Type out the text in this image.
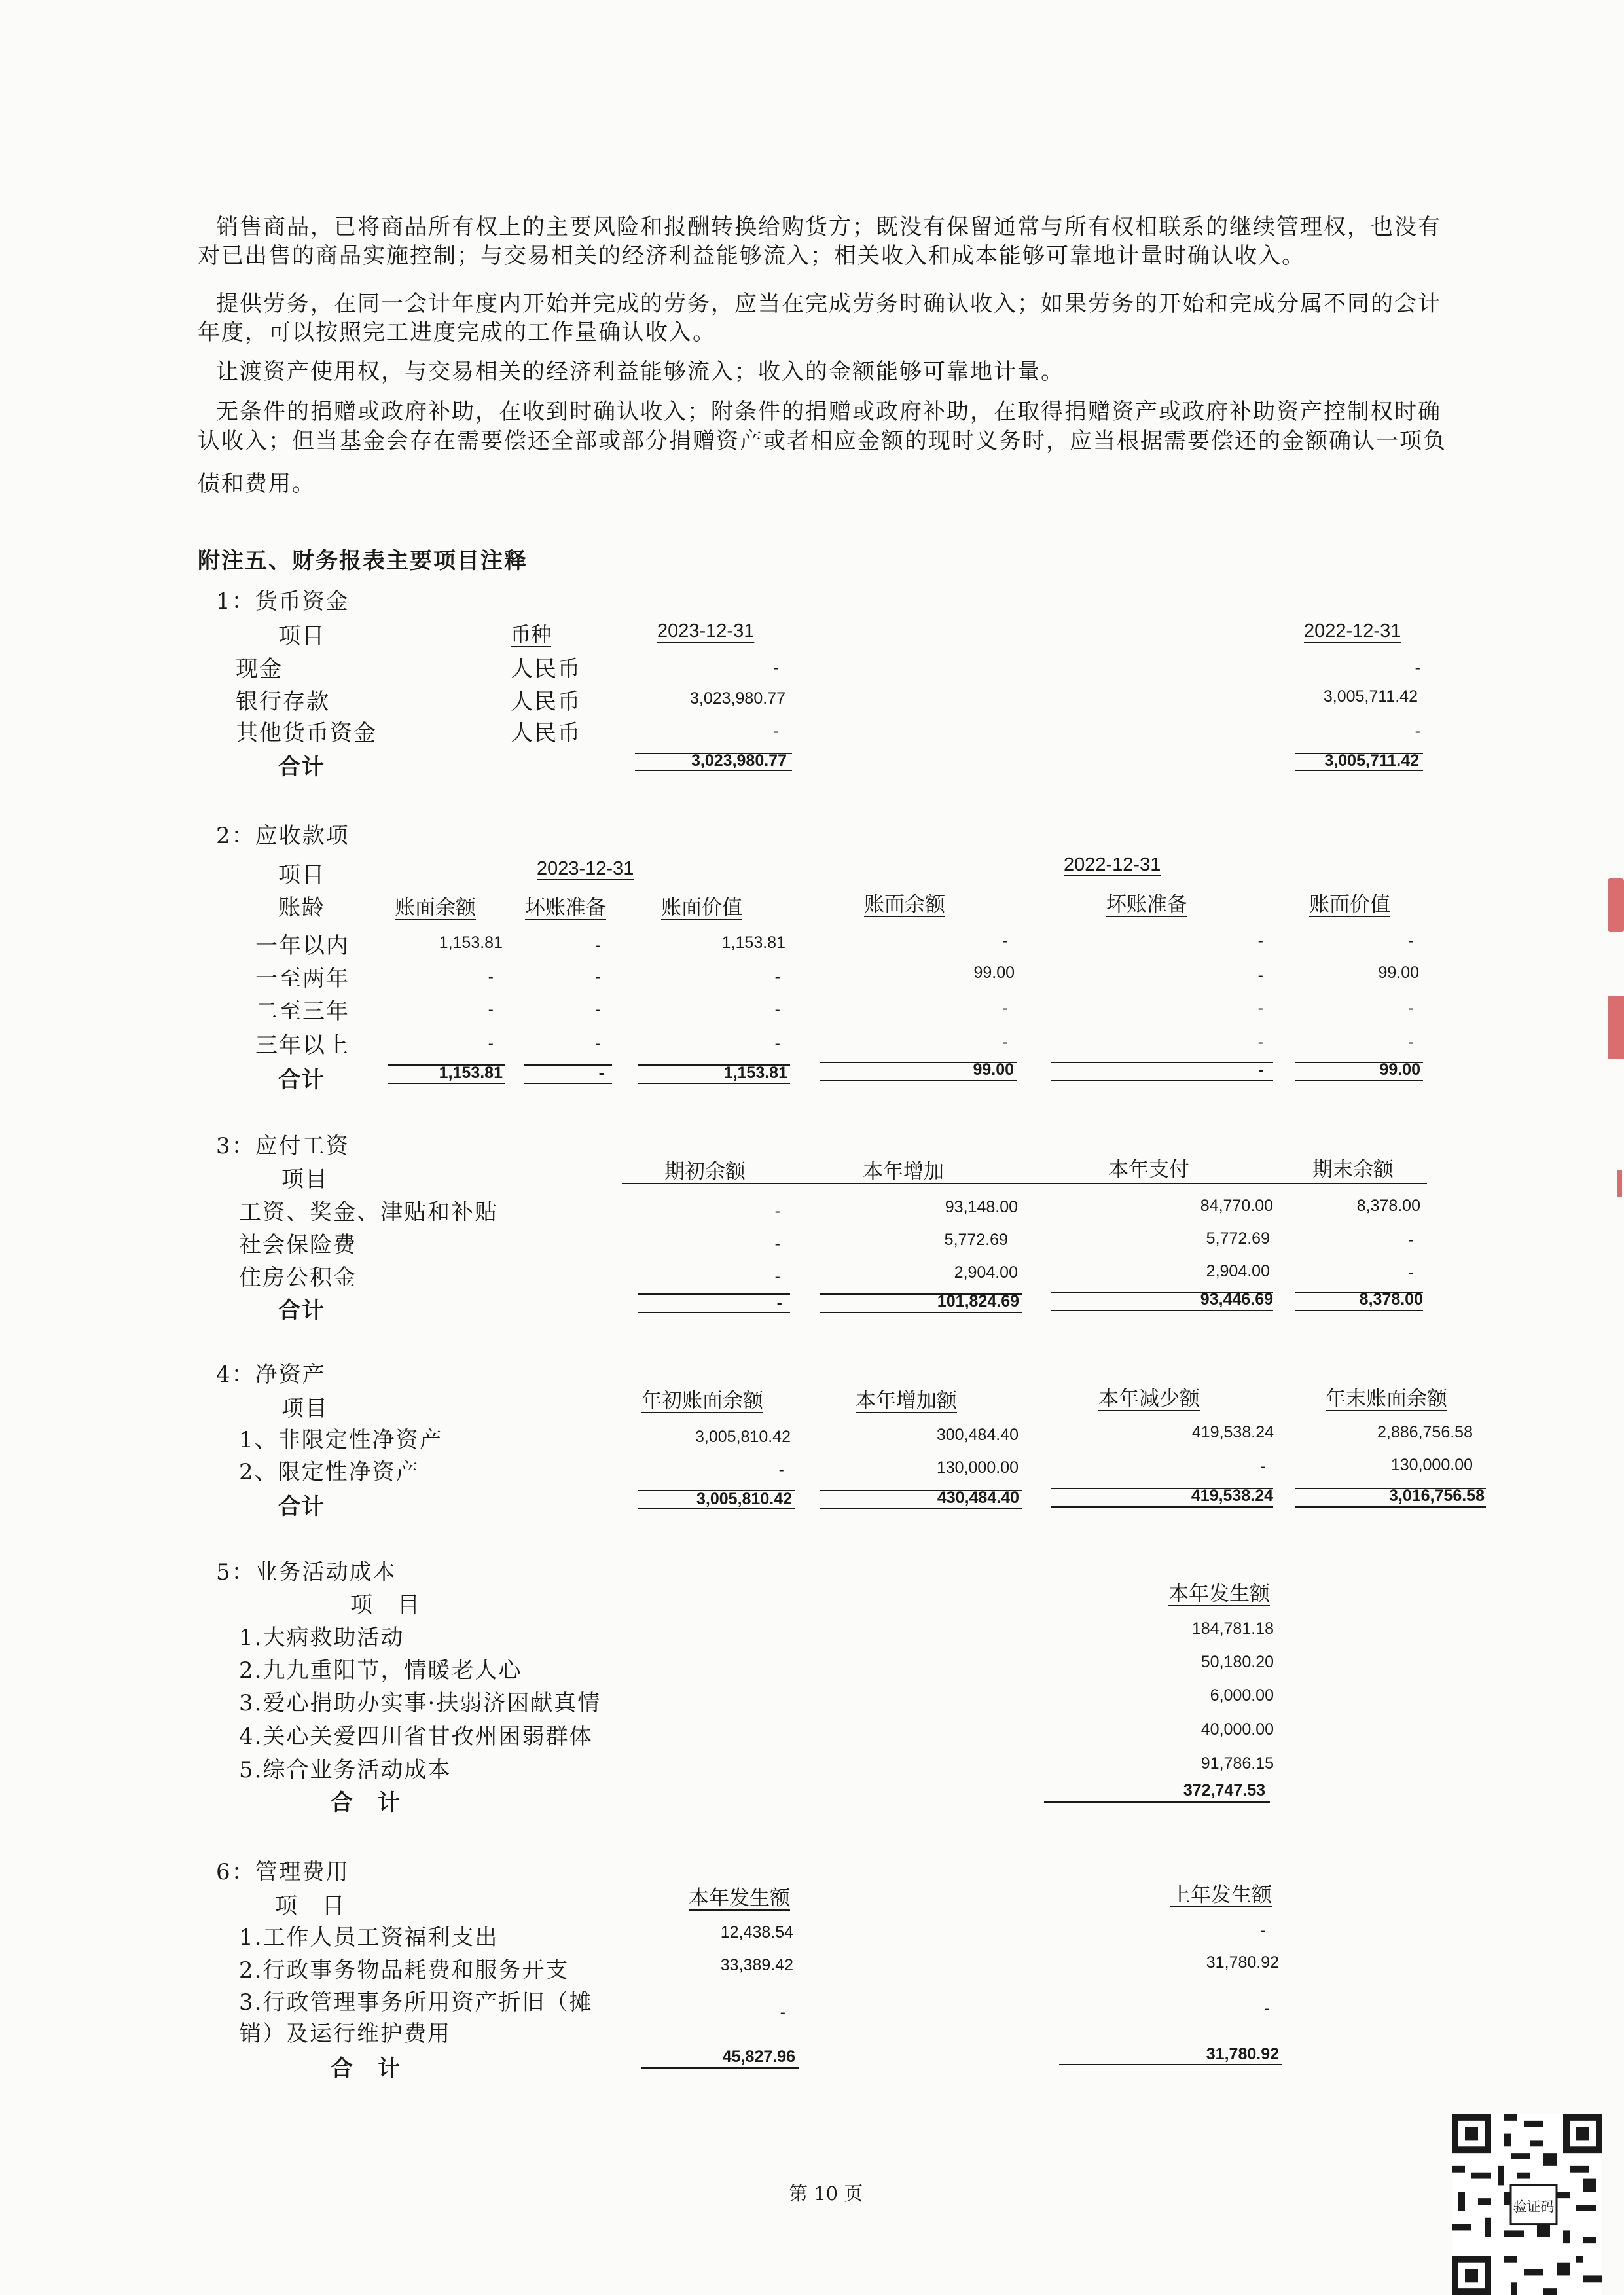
销售商品，已将商品所有权上的主要风险和报酬转换给购货方；既没有保留通常与所有权相联系的继续管理权，也没有
对已出售的商品实施控制；与交易相关的经济利益能够流入；相关收入和成本能够可靠地计量时确认收入。
提供劳务，在同一会计年度内开始并完成的劳务，应当在完成劳务时确认收入；如果劳务的开始和完成分属不同的会计
年度，可以按照完工进度完成的工作量确认收入。
让渡资产使用权，与交易相关的经济利益能够流入；收入的金额能够可靠地计量。
无条件的捐赠或政府补助，在收到时确认收入；附条件的捐赠或政府补助，在取得捐赠资产或政府补助资产控制权时确
认收入；但当基金会存在需要偿还全部或部分捐赠资产或者相应金额的现时义务时，应当根据需要偿还的金额确认一项负
债和费用。
附注五、财务报表主要项目注释
1：货币资金
项目	币种	2023-12-31	2022-12-31
现金	人民币	-	-
银行存款	人民币	3,023,980.77	3,005,711.42
其他货币资金	人民币	-	-
合计	3,023,980.77	3,005,711.42
2：应收款项
2023-12-31	2022-12-31
项目
账龄	账面余额 坏账准备	账面价值	账面余额	坏账准备	账面价值
一年以内	1,153.81	-	1,153.81	-	-	-
一至两年	-	-	-	99.00	-	99.00
二至三年	-	-	-	-	-	-
三年以上	-	-	-	-	-	-
合计	1,153.81	-	1,153.81	99.00	-	99.00
3：应付工资
项目	期初余额	本年增加	本年支付	期末余额
工资、奖金、津贴和补贴	-	93,148.00	84,770.00	8,378.00
社会保险费	-	5,772.69	5,772.69	-
住房公积金	-	2,904.00	2,904.00	-
合计	-	101,824.69	93,446.69	8,378.00
4：净资产
项目	年初账面余额	本年增加额	本年减少额	年末账面余额
1、非限定性净资产	3,005,810.42	300,484.40	419,538.24	2,886,756.58
2、限定性净资产	-	130,000.00	-	130,000.00
合计	3,005,810.42	430,484.40	419,538.24	3,016,756.58
5：业务活动成本
项　目	本年发生额
1.大病救助活动	184,781.18
2.九九重阳节，情暖老人心	50,180.20
3.爱心捐助办实事·扶弱济困献真情	6,000.00
4.关心关爱四川省甘孜州困弱群体	40,000.00
5.综合业务活动成本	91,786.15
合　计	372,747.53
6：管理费用
项　目	本年发生额	上年发生额
1.工作人员工资福利支出	12,438.54	-
2.行政事务物品耗费和服务开支	33,389.42	31,780.92
3.行政管理事务所用资产折旧（摊
销）及运行维护费用
-	-
合　计	45,827.96	31,780.92
第 10 页
验证码
